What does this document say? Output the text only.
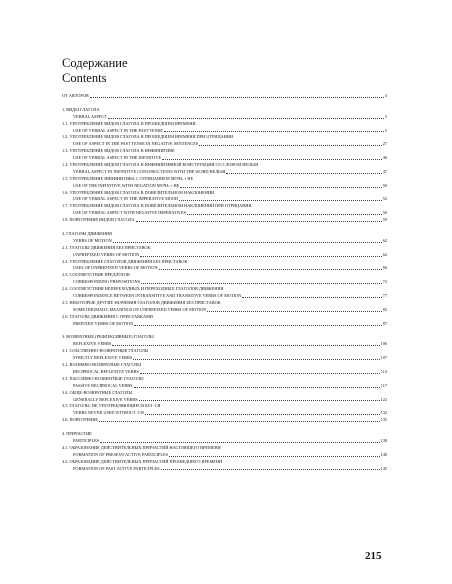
Содержание
Contents
ОТ АВТОРОВ	3
1. ВИДЫ ГЛАГОЛА
VERBAL ASPECT	5
1.1. УПОТРЕБЛЕНИЕ ВИДОВ ГЛАГОЛА В ПРОШЕДШЕМ ВРЕМЕНИ
USE OF VERBAL ASPECT IN THE PAST TENSE	5
1.2. УПОТРЕБЛЕНИЕ ВИДОВ ГЛАГОЛА В ПРОШЕДШЕМ ВРЕМЕНИ ПРИ ОТРИЦАНИИ
USE OF ASPECT IN THE PAST TENSE IN NEGATIVE SENTENCES	27
1.3. УПОТРЕБЛЕНИЕ ВИДОВ ГЛАГОЛА В ИНФИНИТИВЕ
USE OF VERBAL ASPECT IN THE INFINITIVE	40
1.4. УПОТРЕБЛЕНИЕ ВИДОВ ГЛАГОЛА В ИНФИНИТИВНОЙ КОНСТРУКЦИИ СО СЛОВОМ НЕЛЬЗЯ
VERBAL ASPECT IN INFINITIVE CONSTRUCTIONS WITH THE WORD НЕЛЬЗЯ	47
1.5. УПОТРЕБЛЕНИЕ ИНФИНИТИВА С ОТРИЦАНИЕМ МОЧЬ + НЕ
USE OF THE INFINITIVE WITH NEGATION МОЧЬ + НЕ	50
1.6. УПОТРЕБЛЕНИЕ ВИДОВ ГЛАГОЛА В ПОВЕЛИТЕЛЬНОМ НАКЛОНЕНИИ
USE OF VERBAL ASPECT IN THE IMPERATIVE MOOD	52
1.7. УПОТРЕБЛЕНИЕ ВИДОВ ГЛАГОЛА В ПОВЕЛИТЕЛЬНОМ НАКЛОНЕНИИ ПРИ ОТРИЦАНИИ
USE OF VERBAL ASPECT WITH NEGATIVE IMPERATIVES	56
1.8. ПОВТОРЕНИЕ ВИДОВ ГЛАГОЛА	59
2. ГЛАГОЛЫ ДВИЖЕНИЯ
VERBS OF MOTION	62
2.1. ГЛАГОЛЫ ДВИЖЕНИЯ БЕЗ ПРИСТАВОК
UNPREFIXED VERBS OF MOTION	62
2.2. УПОТРЕБЛЕНИЕ ГЛАГОЛОВ ДВИЖЕНИЯ БЕЗ ПРИСТАВОК
USES OF UNPREFIXED VERBS OF MOTION	66
2.3. СООТВЕТСТВИЕ ПРЕДЛОГОВ
CORRESPONDING PREPOSITIONS	72
2.4. СООТВЕТСТВИЯ НЕПЕРЕХОДНЫХ И ПЕРЕХОДНЫХ ГЛАГОЛОВ ДВИЖЕНИЯ
CORRESPONDENCE BETWEEN INTRANSITIVE AND TRANSITIVE VERBS OF MOTION	77
2.5. НЕКОТОРЫЕ ДРУГИЕ ЗНАЧЕНИЯ ГЛАГОЛОВ ДВИЖЕНИЯ БЕЗ ПРИСТАВОК
SOME IDIOMATIC MEANINGS OF UNPREFIXED VERBS OF MOTION	82
2.6. ГЛАГОЛЫ ДВИЖЕНИЯ С ПРИСТАВКАМИ
PREFIXED VERBS OF MOTION	87
3. ВОЗВРАТНЫЕ (РЕФЛЕКСИВНЫЕ) ГЛАГОЛЫ
REFLEXIVE VERBS	106
3.1. СОБСТВЕННО-ВОЗВРАТНЫЕ ГЛАГОЛЫ
STRICTLY REFLEXIVE VERBS	107
3.2. ВЗАИМНО-ВОЗВРАТНЫЕ ГЛАГОЛЫ
RECIPROCAL REFLEXIVE VERBS	113
3.3. ПАССИВНО-ВОЗВРАТНЫЕ ГЛАГОЛЫ
PASSIVE RECIPROCAL VERBS	117
3.4. ОБЩЕ-ВОЗВРАТНЫЕ ГЛАГОЛЫ
GENERALLY REFLEXIVE VERBS	122
3.5. ГЛАГОЛЫ, НЕ УПОТРЕБЛЯЮЩИЕСЯ БЕЗ -СЯ
VERBS NEVER USED WITHOUT -СЯ	132
3.6. ПОВТОРЕНИЕ	135
4. ПРИЧАСТИЕ
PARTICIPLES	138
4.1. ОБРАЗОВАНИЕ ДЕЙСТВИТЕЛЬНЫХ ПРИЧАСТИЙ НАСТОЯЩЕГО ВРЕМЕНИ
FORMATION OF PRESENT ACTIVE PARTICIPLES	140
4.2. ОБРАЗОВАНИЕ ДЕЙСТВИТЕЛЬНЫХ ПРИЧАСТИЙ ПРОШЕДШЕГО ВРЕМЕНИ
FORMATION OF PAST ACTIVE PARTICIPLES	145
215
